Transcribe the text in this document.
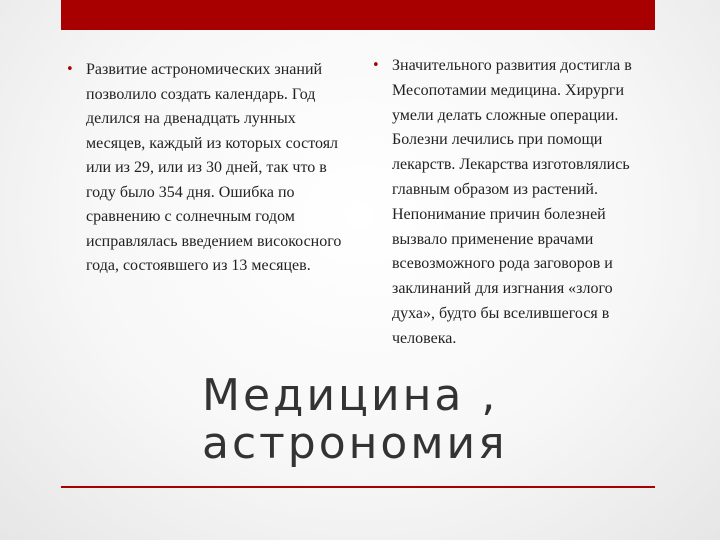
• Развитие астрономических знаний позволило создать календарь. Год делился на двенадцать лунных месяцев, каждый из которых состоял или из 29, или из 30 дней, так что в году было 354 дня. Ошибка по сравнению с солнечным годом исправлялась введением високосного года, состоявшего из 13 месяцев.
• Значительного развития достигла в Месопотамии медицина. Хирурги умели делать сложные операции. Болезни лечились при помощи лекарств. Лекарства изготовлялись главным образом из растений. Непонимание причин болезней вызвало применение врачами всевозможного рода заговоров и заклинаний для изгнания «злого духа», будто бы вселившегося в человека.
Медицина ,
астрономия
